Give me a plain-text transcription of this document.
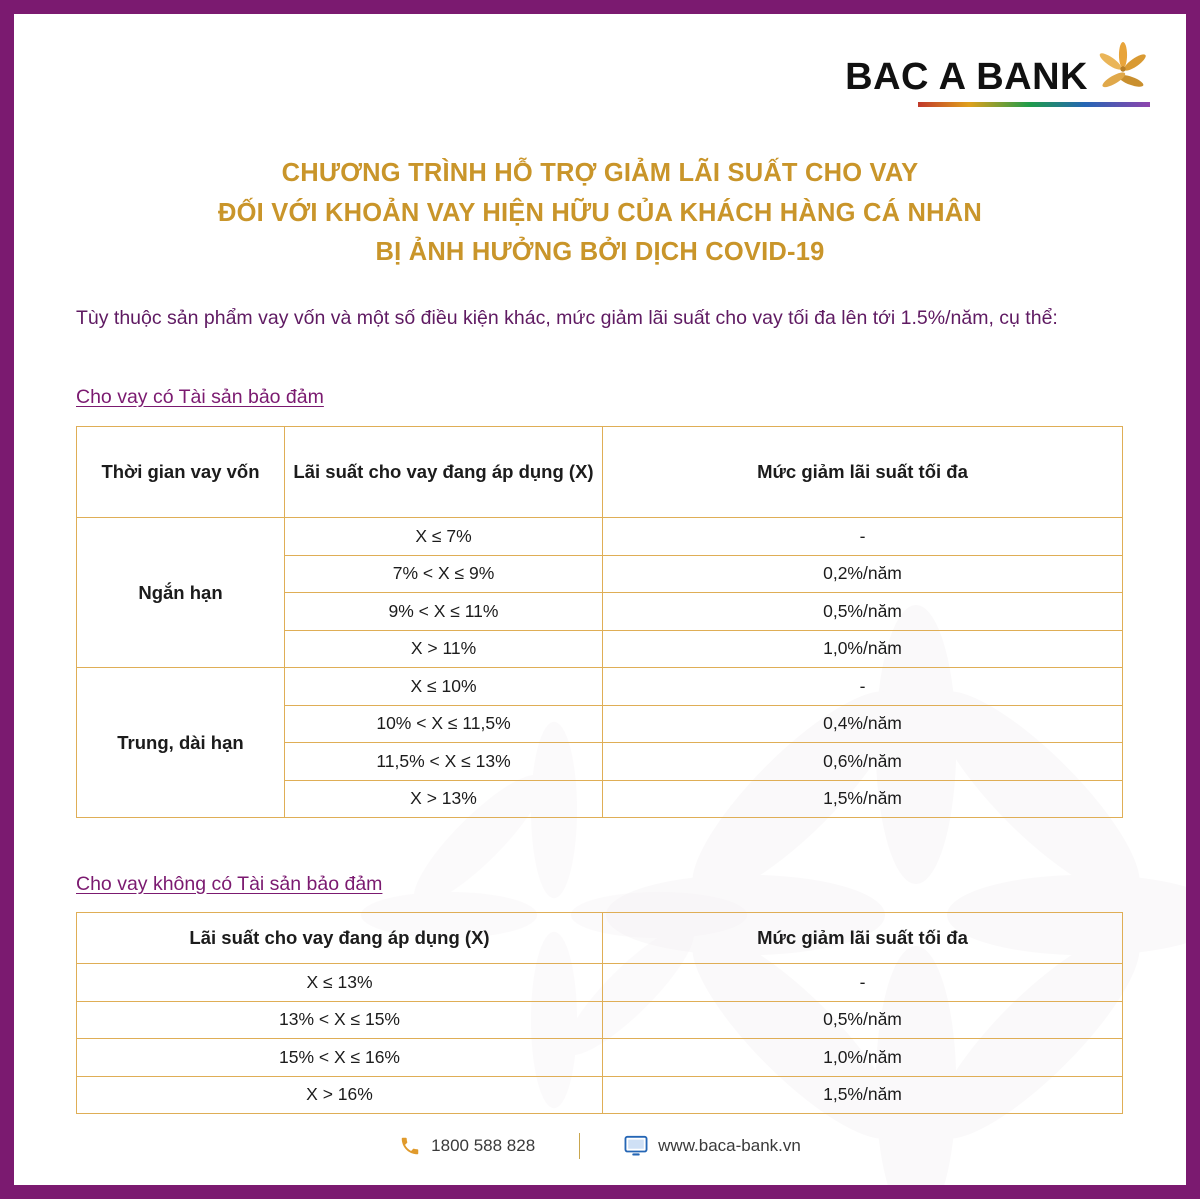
BAC A BANK
CHƯƠNG TRÌNH HỖ TRỢ GIẢM LÃI SUẤT CHO VAY
ĐỐI VỚI KHOẢN VAY HIỆN HỮU CỦA KHÁCH HÀNG CÁ NHÂN
BỊ ẢNH HƯỞNG BỞI DỊCH COVID-19
Tùy thuộc sản phẩm vay vốn và một số điều kiện khác, mức giảm lãi suất cho vay tối đa lên tới 1.5%/năm, cụ thể:
Cho vay có Tài sản bảo đảm
Thời gian vay vốn	Lãi suất cho vay đang áp dụng (X)	Mức giảm lãi suất tối đa
Ngắn hạn	X ≤ 7%	-
	7% < X ≤ 9%	0,2%/năm
	9% < X ≤ 11%	0,5%/năm
	X > 11%	1,0%/năm
Trung, dài hạn	X ≤ 10%	-
	10% < X ≤ 11,5%	0,4%/năm
	11,5% < X ≤ 13%	0,6%/năm
	X > 13%	1,5%/năm
Cho vay không có Tài sản bảo đảm
Lãi suất cho vay đang áp dụng (X)	Mức giảm lãi suất tối đa
X ≤ 13%	-
13% < X ≤ 15%	0,5%/năm
15% < X ≤ 16%	1,0%/năm
X > 16%	1,5%/năm
1800 588 828	www.baca-bank.vn
